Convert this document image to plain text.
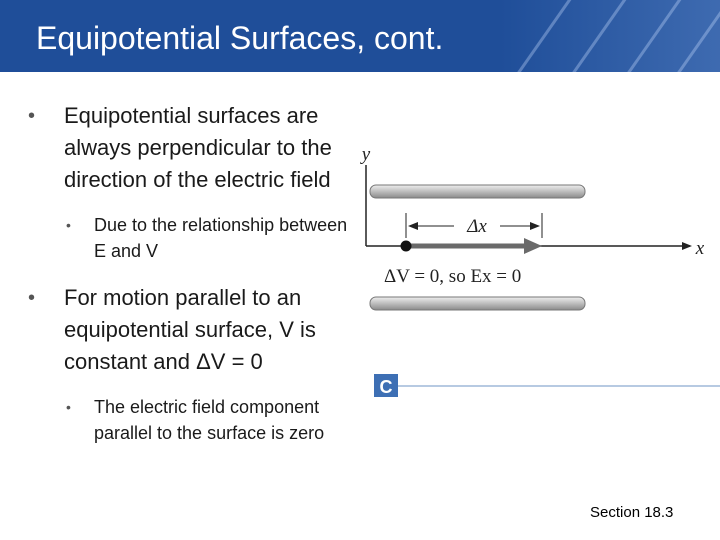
Equipotential Surfaces, cont.
•	Equipotential surfaces are always perpendicular to the direction of the electric field
• Due to the relationship between E and V
•	For motion parallel to an equipotential surface, V is constant and ΔV = 0
• The electric field component parallel to the surface is zero
Δx
y
x
ΔV = 0, so Ex = 0
C
Section 18.3
